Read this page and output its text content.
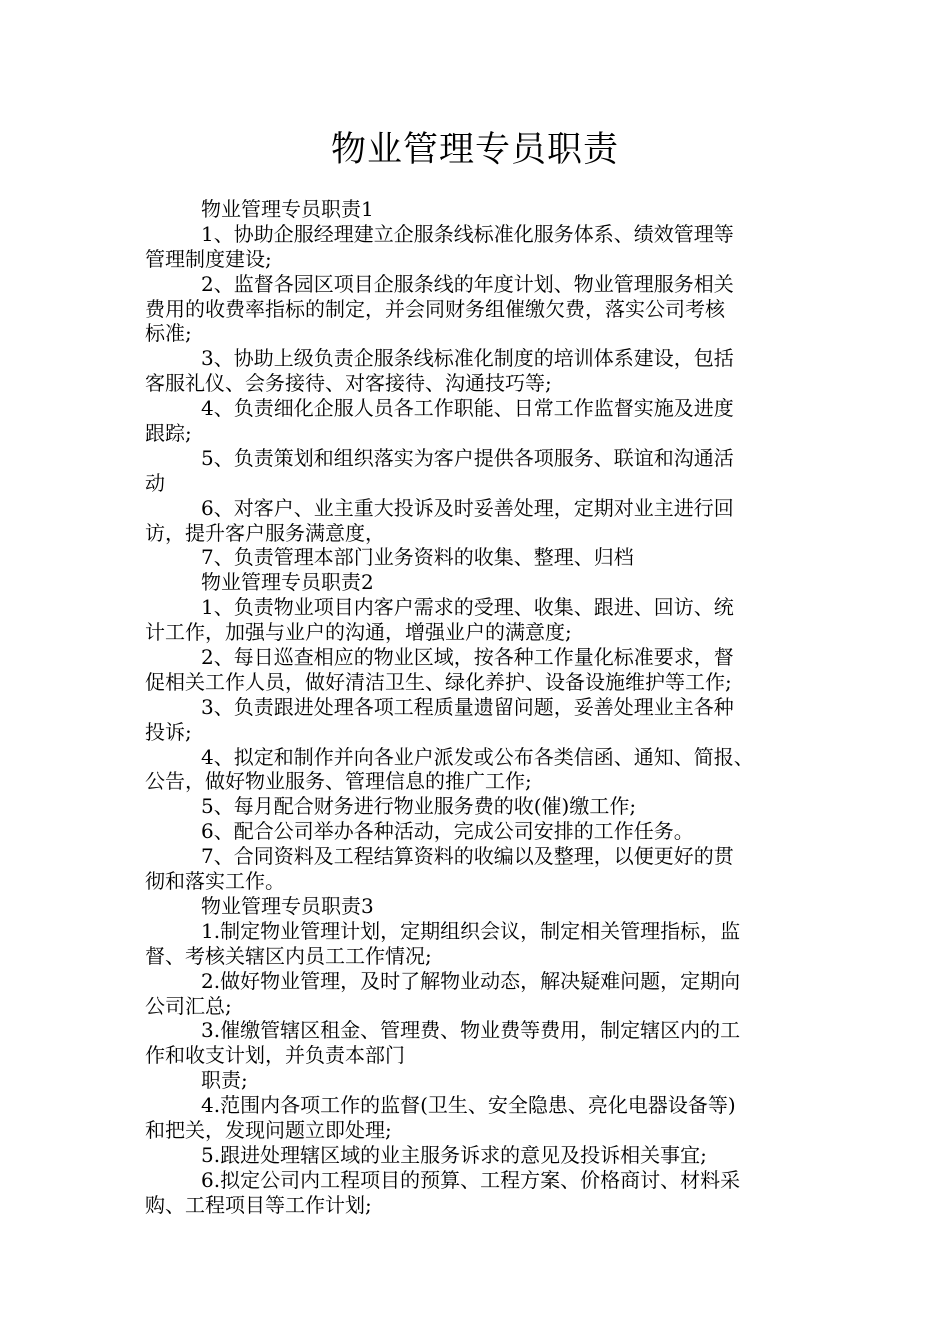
物业管理专员职责
物业管理专员职责1
1、协助企服经理建立企服条线标准化服务体系、绩效管理等
管理制度建设;
2、监督各园区项目企服条线的年度计划、物业管理服务相关
费用的收费率指标的制定，并会同财务组催缴欠费，落实公司考核
标准;
3、协助上级负责企服条线标准化制度的培训体系建设，包括
客服礼仪、会务接待、对客接待、沟通技巧等;
4、负责细化企服人员各工作职能、日常工作监督实施及进度
跟踪;
5、负责策划和组织落实为客户提供各项服务、联谊和沟通活
动
6、对客户、业主重大投诉及时妥善处理，定期对业主进行回
访，提升客户服务满意度，
7、负责管理本部门业务资料的收集、整理、归档
物业管理专员职责2
1、负责物业项目内客户需求的受理、收集、跟进、回访、统
计工作，加强与业户的沟通，增强业户的满意度;
2、每日巡查相应的物业区域，按各种工作量化标准要求，督
促相关工作人员，做好清洁卫生、绿化养护、设备设施维护等工作;
3、负责跟进处理各项工程质量遗留问题，妥善处理业主各种
投诉;
4、拟定和制作并向各业户派发或公布各类信函、通知、简报、
公告，做好物业服务、管理信息的推广工作;
5、每月配合财务进行物业服务费的收(催)缴工作;
6、配合公司举办各种活动，完成公司安排的工作任务。
7、合同资料及工程结算资料的收编以及整理，以便更好的贯
彻和落实工作。
物业管理专员职责3
1.制定物业管理计划，定期组织会议，制定相关管理指标，监
督、考核关辖区内员工工作情况;
2.做好物业管理，及时了解物业动态，解决疑难问题，定期向
公司汇总;
3.催缴管辖区租金、管理费、物业费等费用，制定辖区内的工
作和收支计划，并负责本部门
职责;
4.范围内各项工作的监督(卫生、安全隐患、亮化电器设备等)
和把关，发现问题立即处理;
5.跟进处理辖区域的业主服务诉求的意见及投诉相关事宜;
6.拟定公司内工程项目的预算、工程方案、价格商讨、材料采
购、工程项目等工作计划;
